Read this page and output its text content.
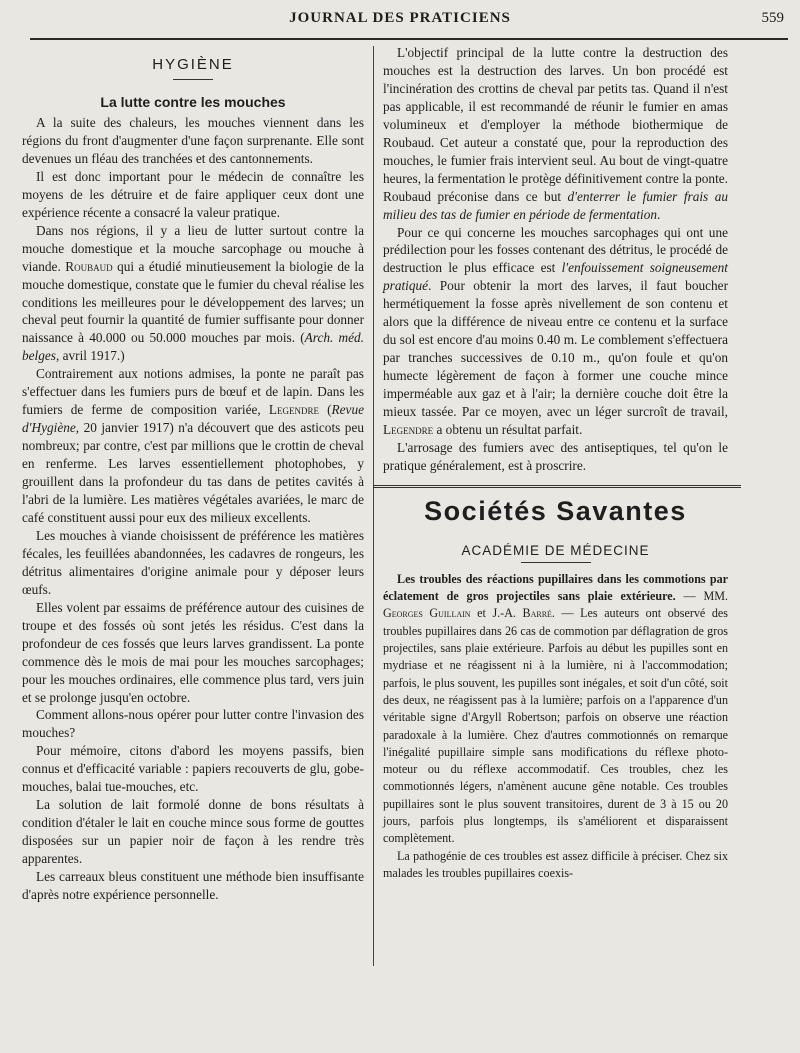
JOURNAL DES PRATICIENS	559
HYGIÈNE
La lutte contre les mouches

A la suite des chaleurs, les mouches viennent dans les régions du front d'augmenter d'une façon surprenante. Elle sont devenues un fléau des tranchées et des cantonnements.

Il est donc important pour le médecin de connaître les moyens de les détruire et de faire appliquer ceux dont une expérience récente a consacré la valeur pratique.

Dans nos régions, il y a lieu de lutter surtout contre la mouche domestique et la mouche sarcophage ou mouche à viande. Roubaud qui a étudié minutieusement la biologie de la mouche domestique, constate que le fumier du cheval réalise les conditions les meilleures pour le développement des larves; un cheval peut fournir la quantité de fumier suffisante pour donner naissance à 40.000 ou 50.000 mouches par mois. (Arch. méd. belges, avril 1917.)

Contrairement aux notions admises, la ponte ne paraît pas s'effectuer dans les fumiers purs de bœuf et de lapin. Dans les fumiers de ferme de composition variée, Legendre (Revue d'Hygiène, 20 janvier 1917) n'a découvert que des asticots peu nombreux; par contre, c'est par millions que le crottin de cheval en renferme. Les larves essentiellement photophobes, y grouillent dans la profondeur du tas dans de petites cavités à l'abri de la lumière. Les matières végétales avariées, le marc de café constituent aussi pour eux des milieux excellents.

Les mouches à viande choisissent de préférence les matières fécales, les feuillées abandonnées, les cadavres de rongeurs, les détritus alimentaires d'origine animale pour y déposer leurs œufs.

Elles volent par essaims de préférence autour des cuisines de troupe et des fossés où sont jetés les résidus. C'est dans la profondeur de ces fossés que leurs larves grandissent. La ponte commence dès le mois de mai pour les mouches sarcophages; pour les mouches ordinaires, elle commence plus tard, vers juin et se prolonge jusqu'en octobre.

Comment allons-nous opérer pour lutter contre l'invasion des mouches?

Pour mémoire, citons d'abord les moyens passifs, bien connus et d'efficacité variable : papiers recouverts de glu, gobe-mouches, balai tue-mouches, etc.

La solution de lait formolé donne de bons résultats à condition d'étaler le lait en couche mince sous forme de gouttes disposées sur un papier noir de façon à les rendre très apparentes.

Les carreaux bleus constituent une méthode bien insuffisante d'après notre expérience personnelle.

L'objectif principal de la lutte contre la destruction des mouches est la destruction des larves. Un bon procédé est l'incinération des crottins de cheval par petits tas. Quand il n'est pas applicable, il est recommandé de réunir le fumier en amas volumineux et d'employer la méthode biothermique de Roubaud. Cet auteur a constaté que, pour la reproduction des mouches, le fumier frais intervient seul. Au bout de vingt-quatre heures, la fermentation le protège définitivement contre la ponte. Roubaud préconise dans ce but d'enterrer le fumier frais au milieu des tas de fumier en période de fermentation.

Pour ce qui concerne les mouches sarcophages qui ont une prédilection pour les fosses contenant des détritus, le procédé de destruction le plus efficace est l'enfouissement soigneusement pratiqué. Pour obtenir la mort des larves, il faut boucher hermétiquement la fosse après nivellement de son contenu et alors que la différence de niveau entre ce contenu et la surface du sol est encore d'au moins 0.40 m. Le comblement s'effectuera par tranches successives de 0.10 m., qu'on foule et qu'on humecte légèrement de façon à former une couche mince imperméable aux gaz et à l'air; la dernière couche doit être la mieux tassée. Par ce moyen, avec un léger surcroît de travail, Legendre a obtenu un résultat parfait.

L'arrosage des fumiers avec des antiseptiques, tel qu'on le pratique généralement, est à proscrire.

Sociétés Savantes
ACADÉMIE DE MÉDECINE

Les troubles des réactions pupillaires dans les commotions par éclatement de gros projectiles sans plaie extérieure. — MM. Georges Guillain et J.-A. Barré. — Les auteurs ont observé des troubles pupillaires dans 26 cas de commotion par déflagration de gros projectiles, sans plaie extérieure. Parfois au début les pupilles sont en mydriase et ne réagissent ni à la lumière, ni à l'accommodation; parfois, le plus souvent, les pupilles sont inégales, et soit d'un côté, soit des deux, ne réagissent pas à la lumière; parfois on a l'apparence d'un véritable signe d'Argyll Robertson; parfois on observe une réaction paradoxale à la lumière. Chez d'autres commotionnés on remarque l'inégalité pupillaire simple sans modifications du réflexe photo-moteur ou du réflexe accommodatif. Ces troubles, chez les commotionnés légers, n'amènent aucune gêne notable. Ces troubles pupillaires sont le plus souvent transitoires, durent de 3 à 15 ou 20 jours, parfois plus longtemps, ils s'améliorent et disparaissent complètement.

La pathogénie de ces troubles est assez difficile à préciser. Chez six malades les troubles pupillaires coexis-
